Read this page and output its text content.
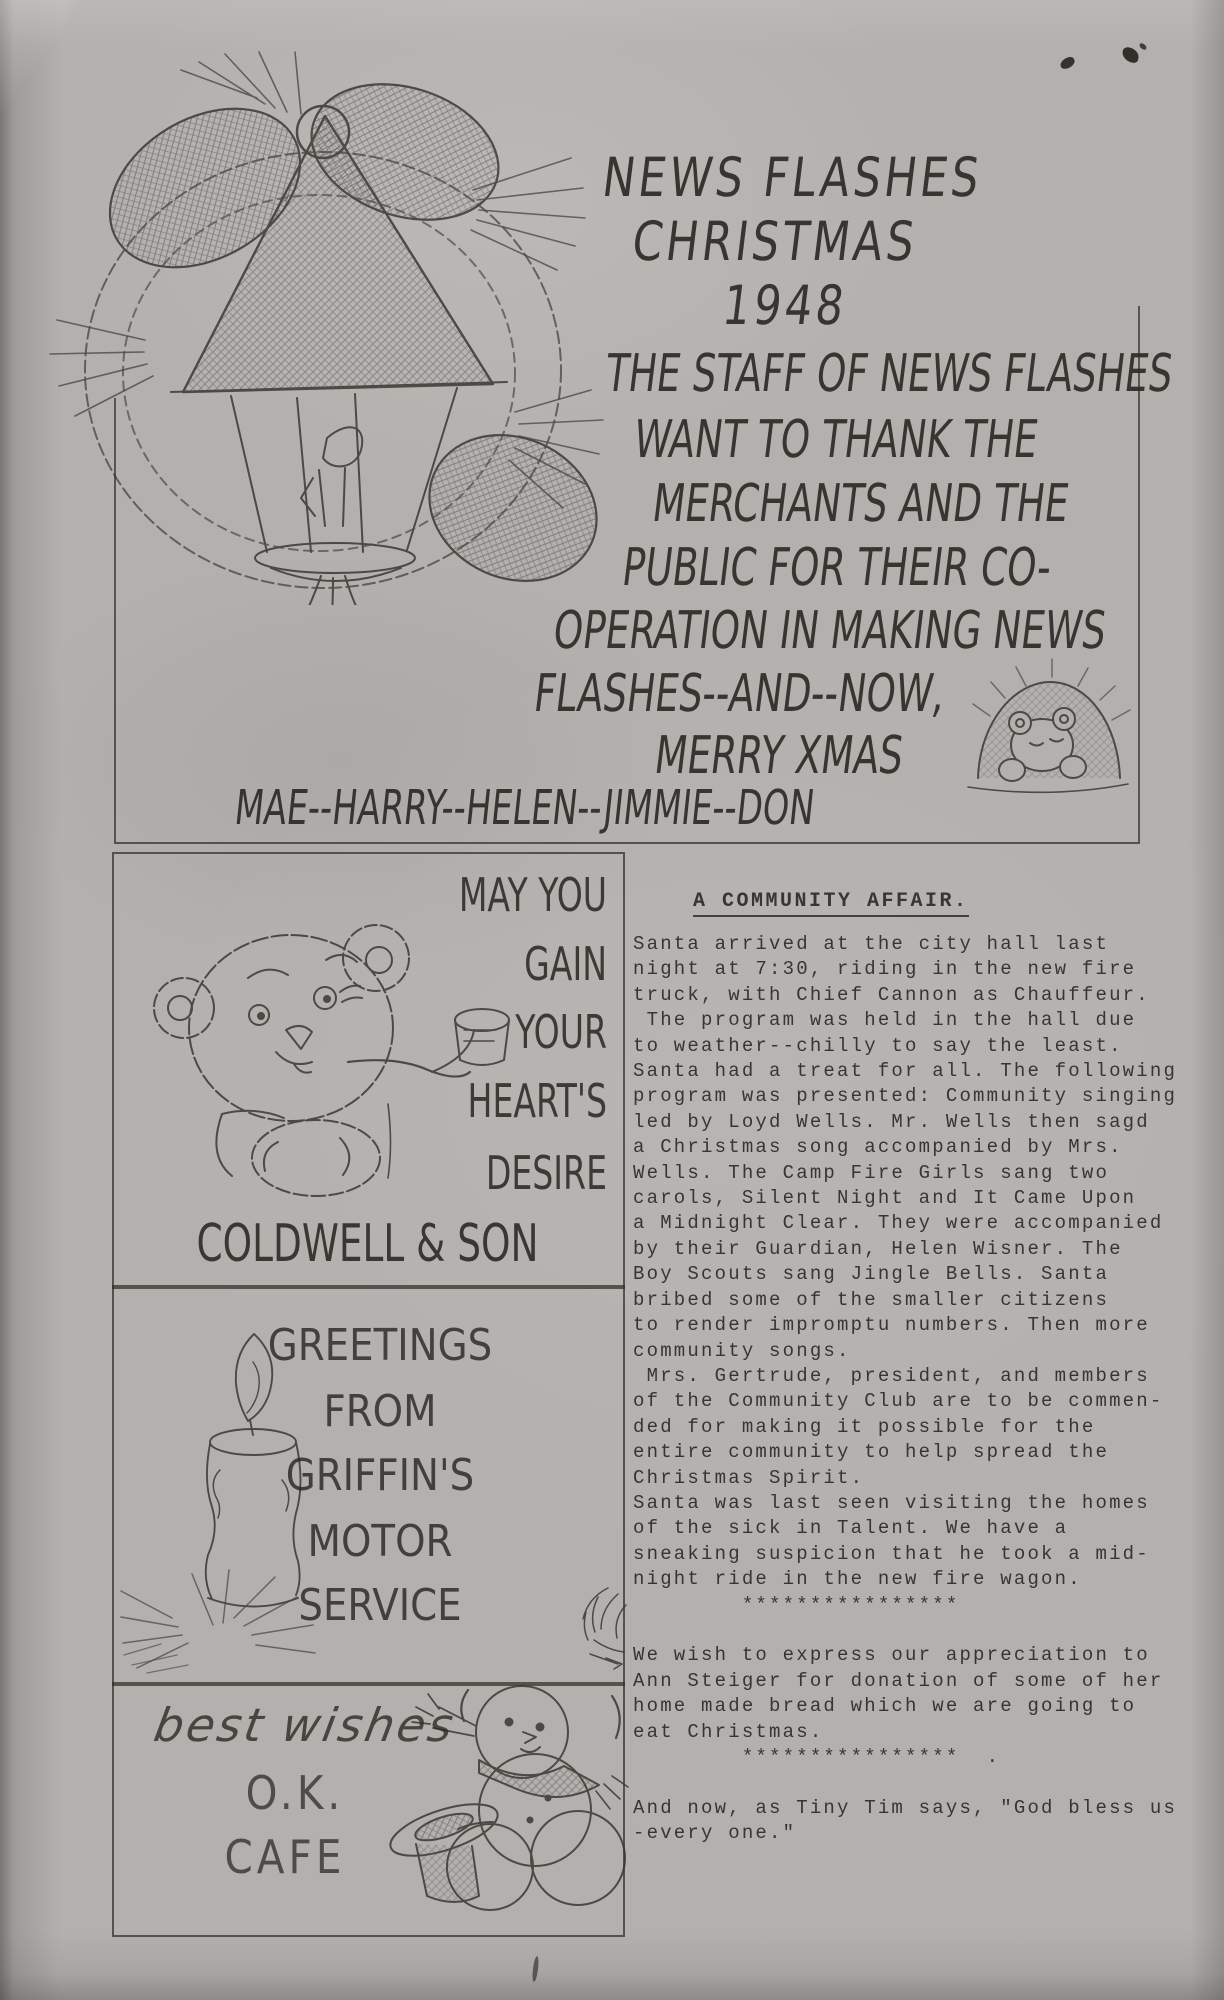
NEWS FLASHES
CHRISTMAS
1948
THE STAFF OF NEWS FLASHES
WANT TO THANK THE
MERCHANTS AND THE
PUBLIC FOR THEIR CO-
OPERATION IN MAKING NEWS
FLASHES--AND--NOW,
MERRY XMAS
MAE--HARRY--HELEN--JIMMIE--DON
MAY YOU
GAIN
YOUR
HEART'S
DESIRE
COLDWELL & SON
GREETINGS
FROM
GRIFFIN'S
MOTOR
SERVICE
best wishes
O.K.
CAFE
A COMMUNITY AFFAIR.
Santa arrived at the city hall last
night at 7:30, riding in the new fire
truck, with Chief Cannon as Chauffeur.
The program was held in the hall due
to weather--chilly to say the least.
Santa had a treat for all. The following
program was presented: Community singing
led by Loyd Wells. Mr. Wells then sagd
a Christmas song accompanied by Mrs.
Wells. The Camp Fire Girls sang two
carols, Silent Night and It Came Upon
a Midnight Clear. They were accompanied
by their Guardian, Helen Wisner. The
Boy Scouts sang Jingle Bells. Santa
bribed some of the smaller citizens
to render impromptu numbers. Then more
community songs.
Mrs. Gertrude, president, and members
of the Community Club are to be commen-
ded for making it possible for the
entire community to help spread the
Christmas Spirit.
Santa was last seen visiting the homes
of the sick in Talent. We have a
sneaking suspicion that he took a mid-
night ride in the new fire wagon.
****************
We wish to express our appreciation to
Ann Steiger for donation of some of her
home made bread which we are going to
eat Christmas.
****************  .
And now, as Tiny Tim says, "God bless us
-every one."
